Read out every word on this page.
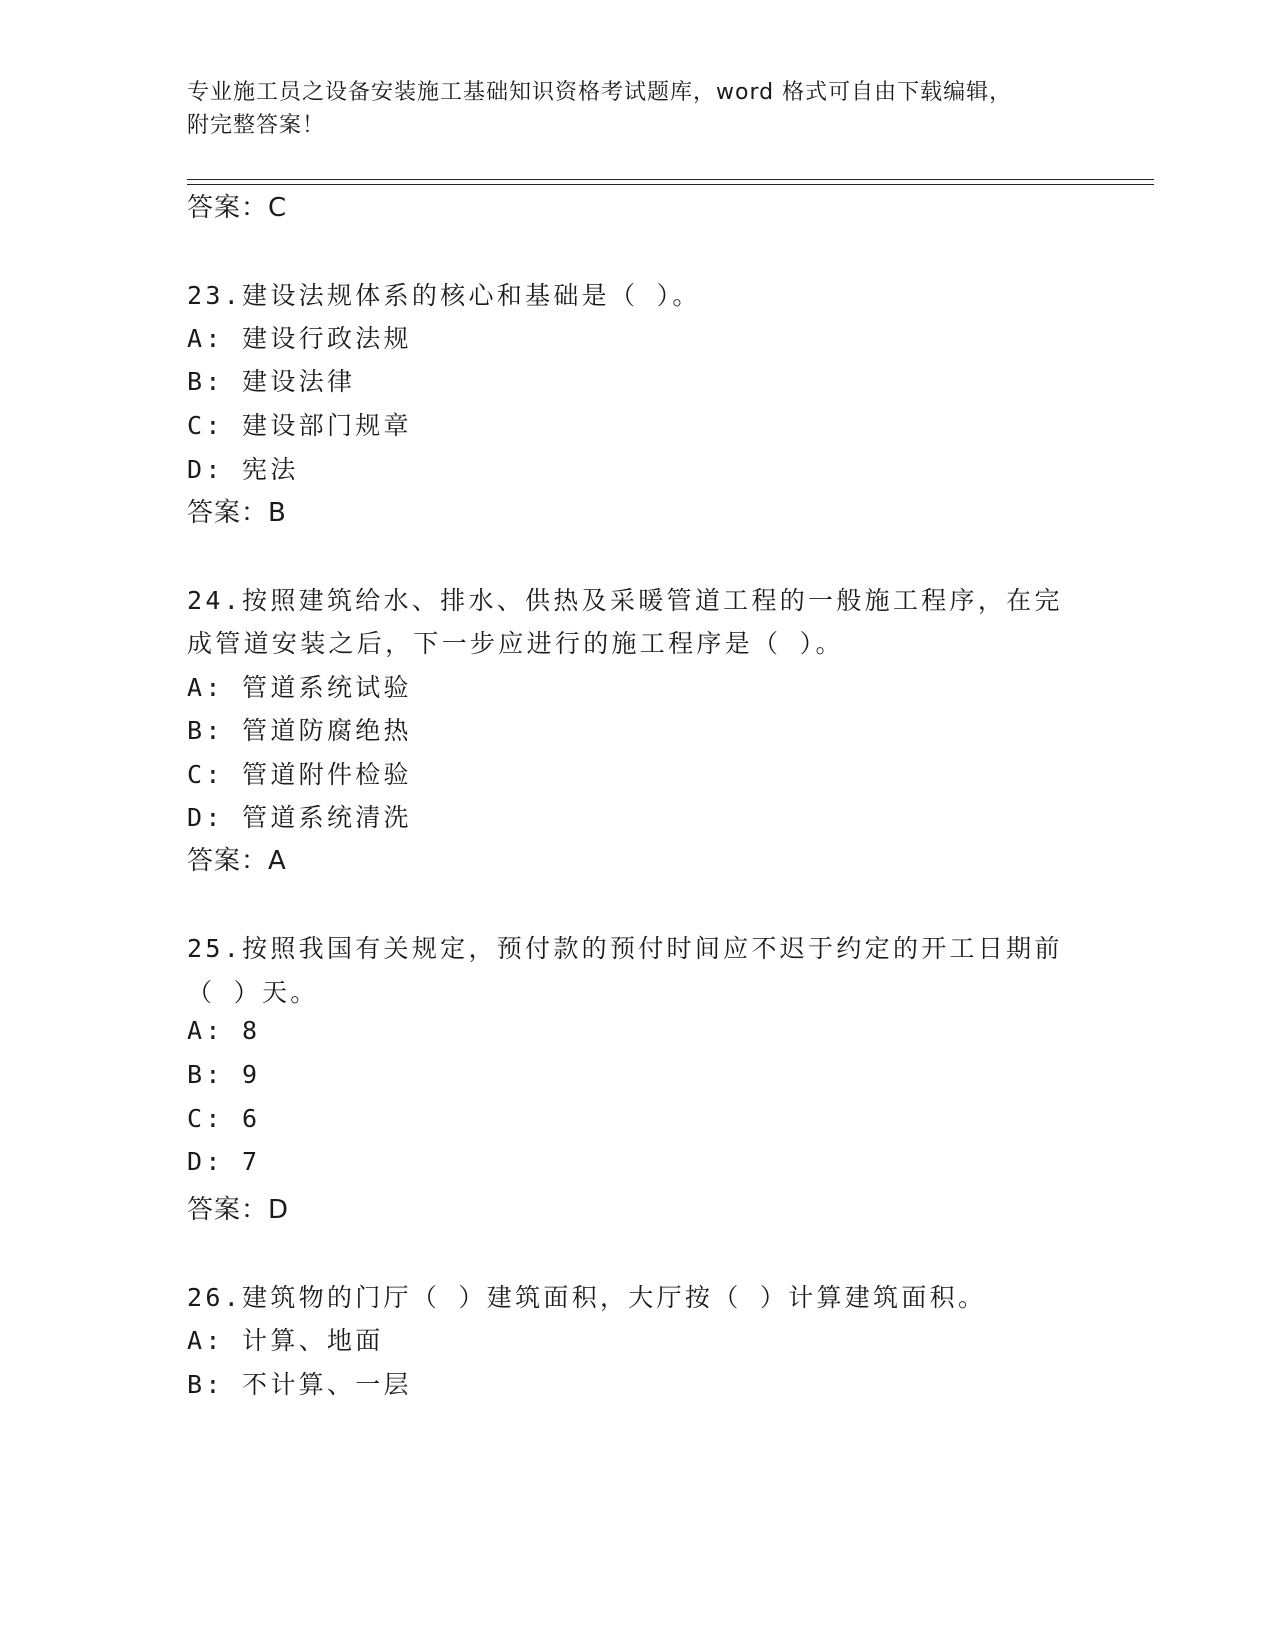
专业施工员之设备安装施工基础知识资格考试题库，word 格式可自由下载编辑，
附完整答案！
答案：C
23.建设法规体系的核心和基础是（ ）。
A: 建设行政法规
B: 建设法律
C: 建设部门规章
D: 宪法
答案：B
24.按照建筑给水、排水、供热及采暖管道工程的一般施工程序，在完
成管道安装之后，下一步应进行的施工程序是（ ）。
A: 管道系统试验
B: 管道防腐绝热
C: 管道附件检验
D: 管道系统清洗
答案：A
25.按照我国有关规定，预付款的预付时间应不迟于约定的开工日期前
（ ）天。
A: 8
B: 9
C: 6
D: 7
答案：D
26.建筑物的门厅（ ）建筑面积，大厅按（ ）计算建筑面积。
A: 计算、地面
B: 不计算、一层
